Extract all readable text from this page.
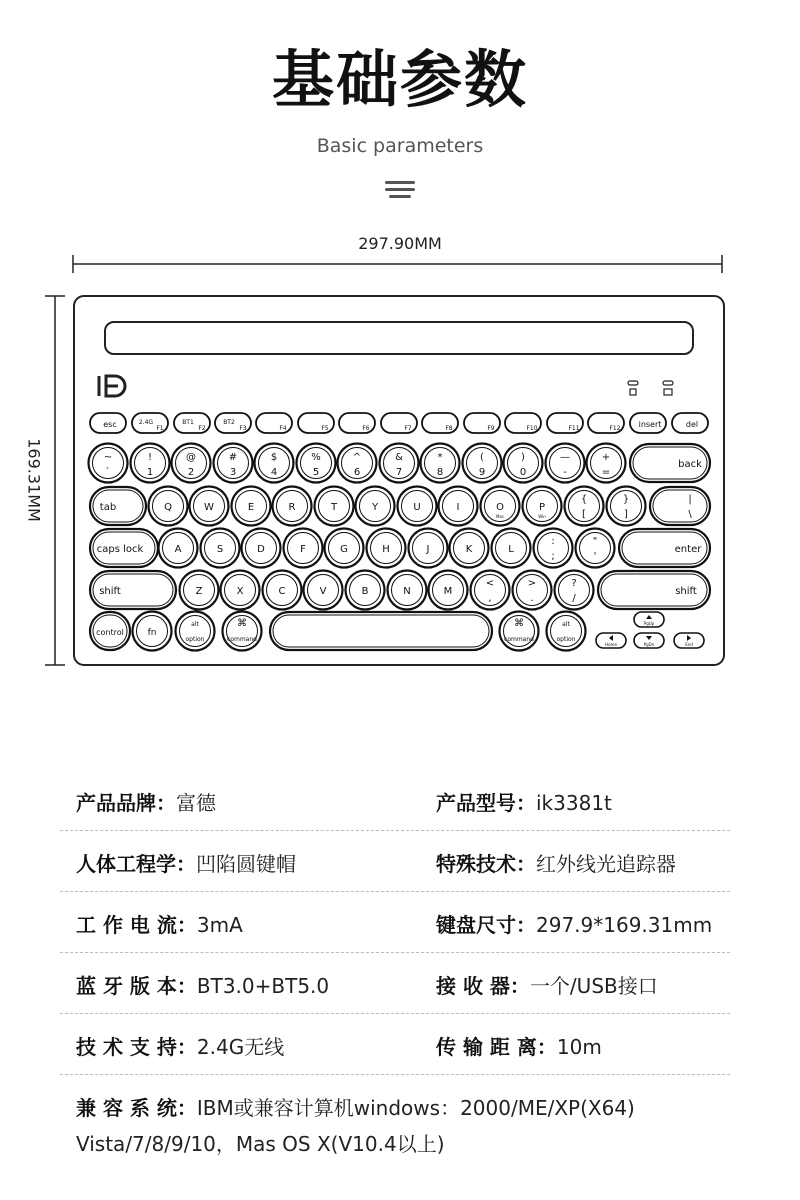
基础参数
Basic parameters
297.90MM
169.31MM
esc	2.4G
F1
BT1
F2
BT2
F3	F4	F5	F6	F7	F8	F9	F10	F11	F12 insert	del
~
`
!
1
@
2
#
3
$
4
%
5
^
6
&
7
*
8
(
9
)
0
—
-
+
=
back
tab	Q	W	E	R	T	Y	U	I	O
Mac
P
Win
{
[
}
]
|
\
caps lock	A	S	D	F	G	H	J	K	L
:
;
"
'
enter
shift	Z	X	C	V	B	N	M
<
,
>
.
?
/
shift
control	fn
alt
option
⌘
command
⌘
command
alt
option
PgUp
PgDn
Home	End
产品品牌：富德	产品型号：ik3381t
人体工程学：凹陷圆键帽	特殊技术：红外线光追踪器
工 作 电 流：3mA	键盘尺寸：297.9*169.31mm
蓝 牙 版 本：BT3.0+BT5.0	接 收 器：一个/USB接口
技 术 支 持：2.4G无线	传 输 距 离：10m
兼 容 系 统：IBM或兼容计算机windows：2000/ME/XP(X64)
Vista/7/8/9/10，Mas OS X(V10.4以上)
